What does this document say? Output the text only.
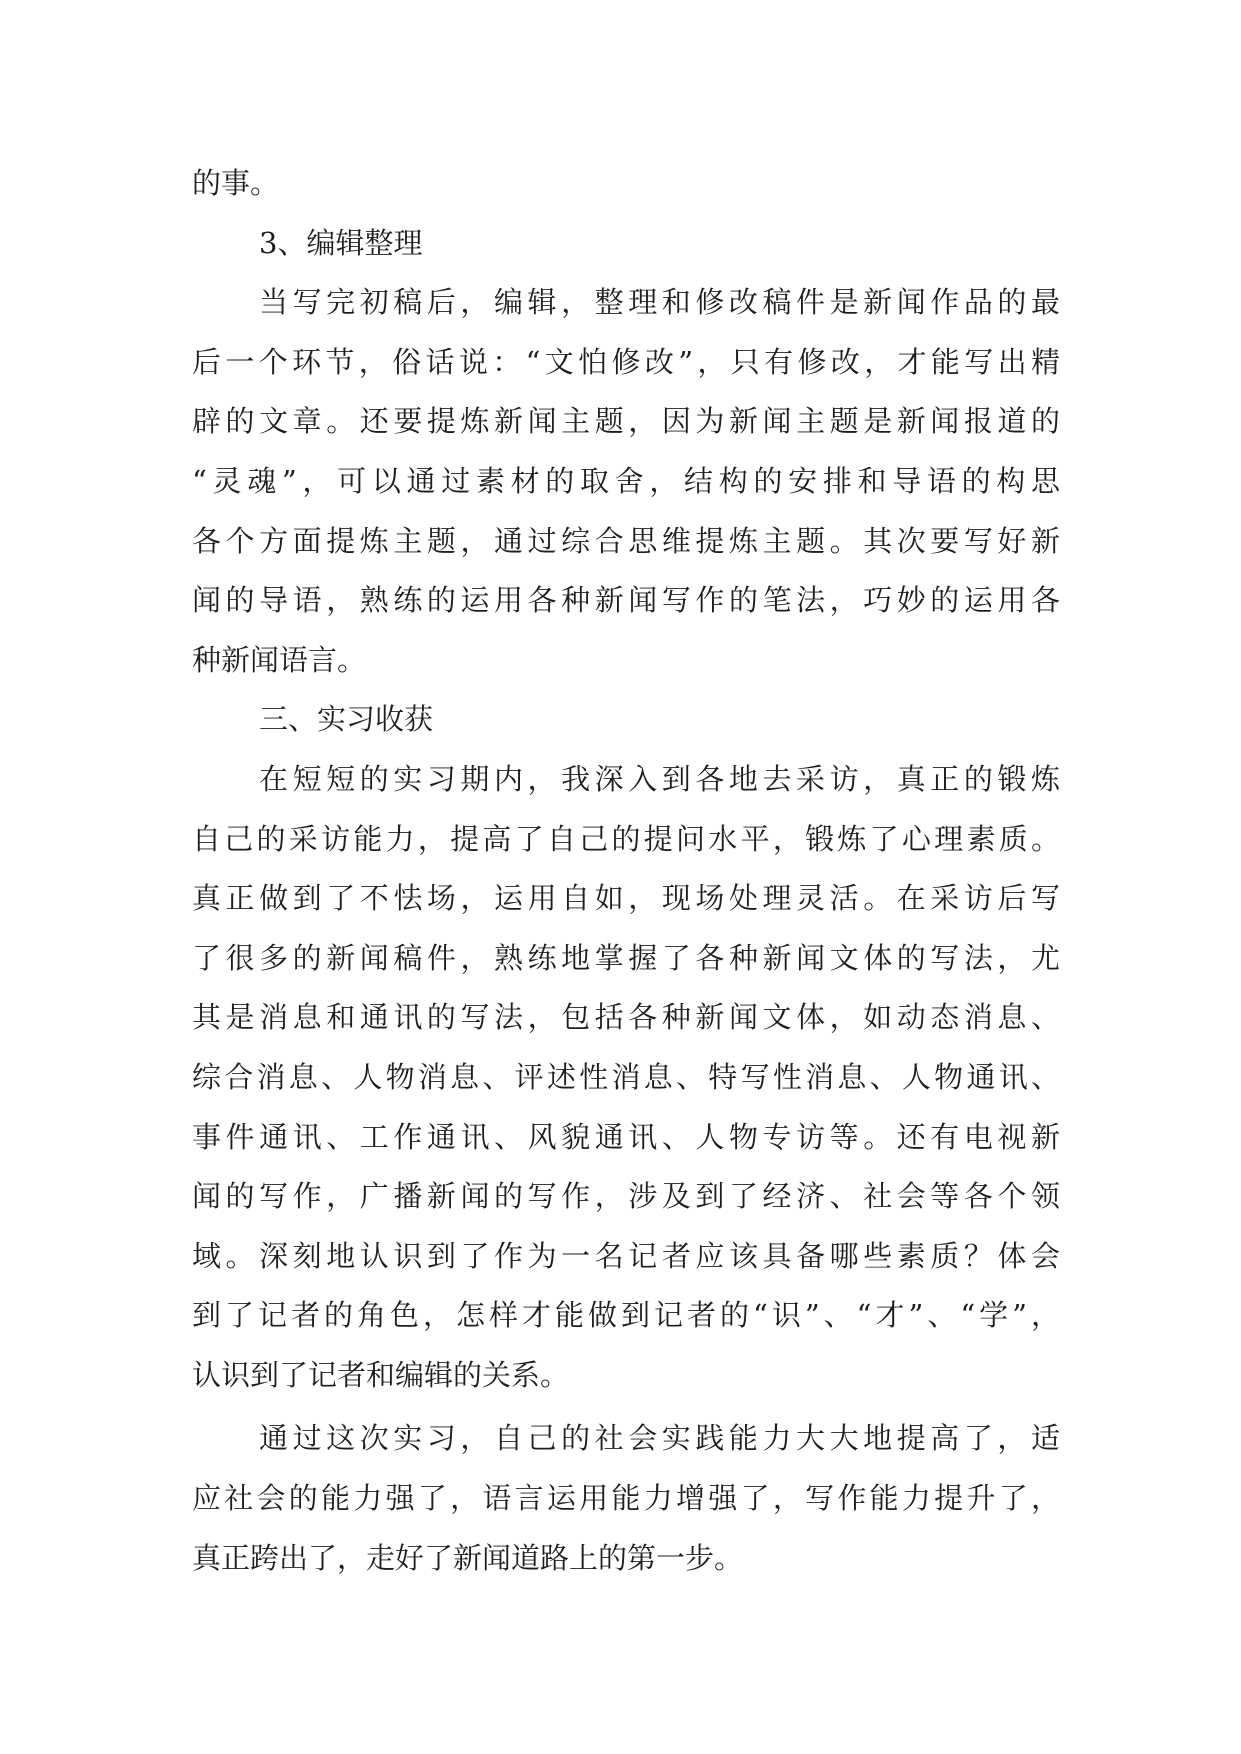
的事。
3、编辑整理
当写完初稿后，编辑，整理和修改稿件是新闻作品的最
后一个环节，俗话说：“文怕修改”，只有修改，才能写出精
辟的文章。还要提炼新闻主题，因为新闻主题是新闻报道的
“灵魂”，可以通过素材的取舍，结构的安排和导语的构思
各个方面提炼主题，通过综合思维提炼主题。其次要写好新
闻的导语，熟练的运用各种新闻写作的笔法，巧妙的运用各
种新闻语言。
三、实习收获
在短短的实习期内，我深入到各地去采访，真正的锻炼
自己的采访能力，提高了自己的提问水平，锻炼了心理素质。
真正做到了不怯场，运用自如，现场处理灵活。在采访后写
了很多的新闻稿件，熟练地掌握了各种新闻文体的写法，尤
其是消息和通讯的写法，包括各种新闻文体，如动态消息、
综合消息、人物消息、评述性消息、特写性消息、人物通讯、
事件通讯、工作通讯、风貌通讯、人物专访等。还有电视新
闻的写作，广播新闻的写作，涉及到了经济、社会等各个领
域。深刻地认识到了作为一名记者应该具备哪些素质？体会
到了记者的角色，怎样才能做到记者的“识”、“才”、“学”，
认识到了记者和编辑的关系。
通过这次实习，自己的社会实践能力大大地提高了，适
应社会的能力强了，语言运用能力增强了，写作能力提升了，
真正跨出了，走好了新闻道路上的第一步。
